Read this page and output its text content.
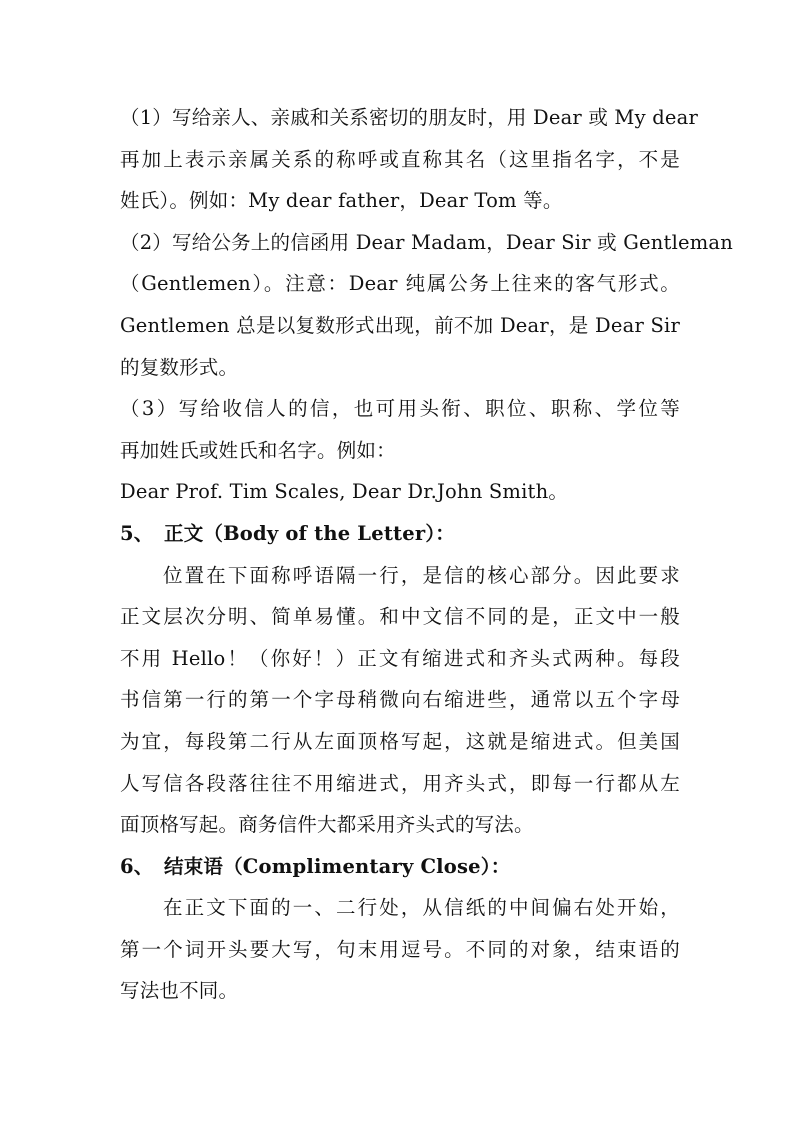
（1）写给亲人、亲戚和关系密切的朋友时，用 Dear 或 My dear
再加上表示亲属关系的称呼或直称其名（这里指名字，不是
姓氏）。例如：My dear father，Dear Tom 等。
（2）写给公务上的信函用 Dear Madam，Dear Sir 或 Gentleman
（Gentlemen）。注意：Dear 纯属公务上往来的客气形式。
Gentlemen 总是以复数形式出现，前不加 Dear，是 Dear Sir
的复数形式。
（3）写给收信人的信，也可用头衔、职位、职称、学位等
再加姓氏或姓氏和名字。例如：
Dear Prof. Tim Scales, Dear Dr.John Smith。
5、 正文（Body of the Letter）：
位置在下面称呼语隔一行，是信的核心部分。因此要求
正文层次分明、简单易懂。和中文信不同的是，正文中一般
不用 Hello！（你好！）正文有缩进式和齐头式两种。每段
书信第一行的第一个字母稍微向右缩进些，通常以五个字母
为宜，每段第二行从左面顶格写起，这就是缩进式。但美国
人写信各段落往往不用缩进式，用齐头式，即每一行都从左
面顶格写起。商务信件大都采用齐头式的写法。
6、 结束语（Complimentary Close）：
在正文下面的一、二行处，从信纸的中间偏右处开始，
第一个词开头要大写，句末用逗号。不同的对象，结束语的
写法也不同。
